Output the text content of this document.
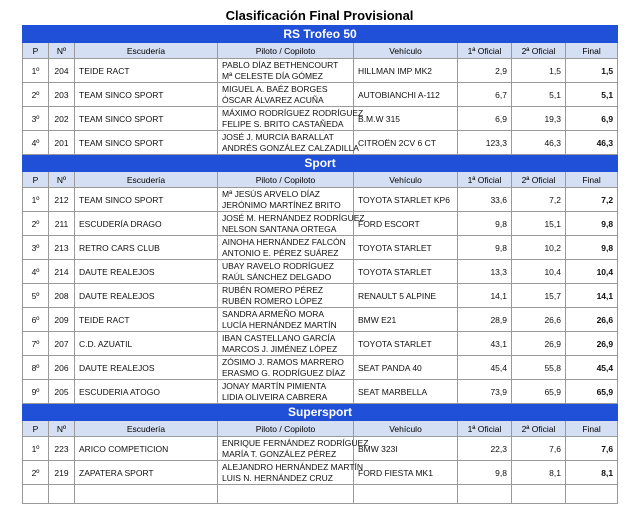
Clasificación Final Provisional
RS Trofeo 50							
P	Nº	Escudería	Piloto / Copiloto	Vehículo	1ª Oficial	2ª Oficial	Final
1º	204	TEIDE RACT	PABLO DÍAZ BETHENCOURT
Mª CELESTE DÍA GÓMEZ	HILLMAN IMP MK2	2,9	1,5	1,5
2º	203	TEAM SINCO SPORT	MIGUEL A. BAÉZ BORGES
ÓSCAR ÁLVAREZ ACUÑA	AUTOBIANCHI A-112	6,7	5,1	5,1
3º	202	TEAM SINCO SPORT	MÁXIMO RODRÍGUEZ RODRÍGUEZ
FELIPE S. BRITO CASTAÑEDA	B.M.W 315	6,9	19,3	6,9
4º	201	TEAM SINCO SPORT	JOSÉ J. MURCIA BARALLAT
ANDRÉS GONZÁLEZ CALZADILLA	CITROËN 2CV 6 CT	123,3	46,3	46,3
Sport							
P	Nº	Escudería	Piloto / Copiloto	Vehículo	1ª Oficial	2ª Oficial	Final
1º	212	TEAM SINCO SPORT	Mª JESÚS ARVELO DÍAZ
JERÓNIMO MARTÍNEZ BRITO	TOYOTA STARLET KP6	33,6	7,2	7,2
2º	211	ESCUDERÍA DRAGO	JOSÉ M. HERNÁNDEZ RODRÍGUEZ
NELSON SANTANA ORTEGA	FORD ESCORT	9,8	15,1	9,8
3º	213	RETRO CARS CLUB	AINOHA HERNÁNDEZ FALCÓN
ANTONIO E. PÉREZ SUÁREZ	TOYOTA STARLET	9,8	10,2	9,8
4º	214	DAUTE REALEJOS	UBAY RAVELO RODRÍGUEZ
RAÚL SÁNCHEZ DELGADO	TOYOTA STARLET	13,3	10,4	10,4
5º	208	DAUTE REALEJOS	RUBÉN ROMERO PÉREZ
RUBÉN ROMERO LÓPEZ	RENAULT 5 ALPINE	14,1	15,7	14,1
6º	209	TEIDE RACT	SANDRA ARMEÑO MORA
LUCÍA HERNÁNDEZ MARTÍN	BMW E21	28,9	26,6	26,6
7º	207	C.D. AZUATIL	IBAN CASTELLANO GARCÍA
MARCOS J. JIMÉNEZ LÓPEZ	TOYOTA STARLET	43,1	26,9	26,9
8º	206	DAUTE REALEJOS	ZÓSIMO J. RAMOS MARRERO
ERASMO G. RODRÍGUEZ DÍAZ	SEAT PANDA 40	45,4	55,8	45,4
9º	205	ESCUDERIA ATOGO	JONAY MARTÍN PIMIENTA
LIDIA OLIVEIRA CABRERA	SEAT MARBELLA	73,9	65,9	65,9
Supersport							
P	Nº	Escudería	Piloto / Copiloto	Vehículo	1ª Oficial	2ª Oficial	Final
1º	223	ARICO COMPETICION	ENRIQUE FERNÁNDEZ RODRÍGUEZ
MARÍA T. GONZÁLEZ PÉREZ	BMW 323I	22,3	7,6	7,6
2º	219	ZAPATERA SPORT	ALEJANDRO HERNÁNDEZ MARTÍN
LUIS N. HERNÁNDEZ CRUZ	FORD FIESTA MK1	9,8	8,1	8,1
